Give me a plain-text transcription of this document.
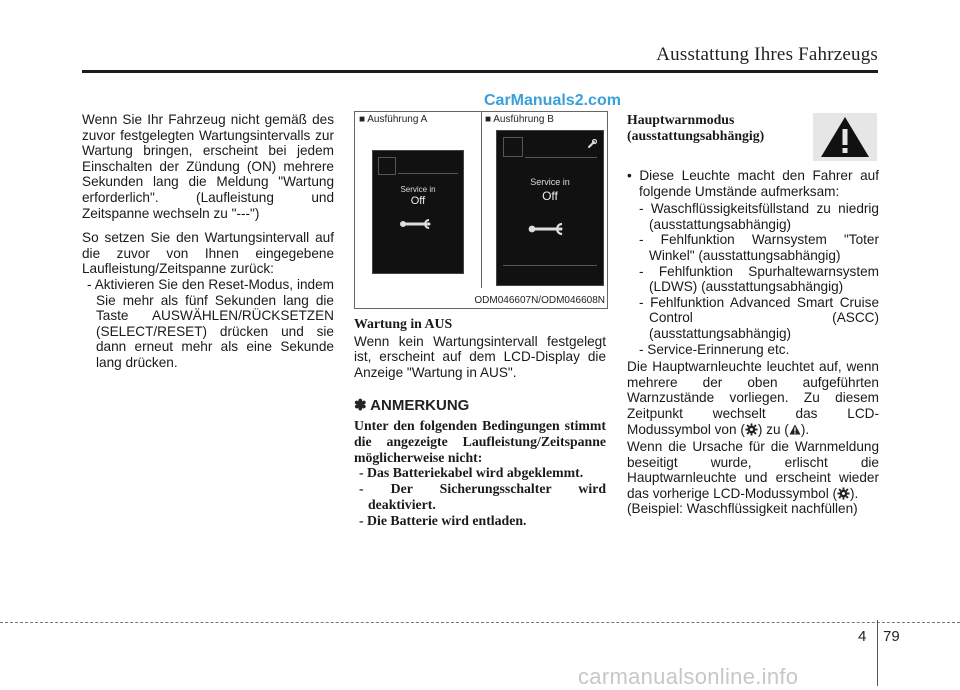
Ausstattung Ihres Fahrzeugs
CarManuals2.com

Wenn Sie Ihr Fahrzeug nicht gemäß des zuvor festgelegten Wartungsintervalls zur Wartung bringen, erscheint bei jedem Einschalten der Zündung (ON) mehrere Sekunden lang die Meldung "Wartung erforderlich". (Laufleistung und Zeitspanne wechseln zu "---")

So setzen Sie den Wartungsintervall auf die zuvor von Ihnen eingegebene Laufleistung/Zeitspanne zurück:

- Aktivieren Sie den Reset-Modus, indem Sie mehr als fünf Sekunden lang die Taste AUSWÄHLEN/RÜCKSETZEN (SELECT/RESET) drücken und sie dann erneut mehr als eine Sekunde lang drücken.

■ Ausführung A	■ Ausführung B
Service in
Off
Service in
Off
ODM046607N/ODM046608N
Wartung in AUS

Wenn kein Wartungsintervall festgelegt ist, erscheint auf dem LCD-Display die Anzeige "Wartung in AUS".

✽ ANMERKUNG
Unter den folgenden Bedingungen stimmt die angezeigte Laufleistung/Zeitspanne möglicherweise nicht:
- Das Batteriekabel wird abgeklemmt.
- Der Sicherungsschalter wird deaktiviert.
- Die Batterie wird entladen.
Hauptwarnmodus (ausstattungsabhängig)

• Diese Leuchte macht den Fahrer auf folgende Umstände aufmerksam:

- Waschflüssigkeitsfüllstand zu niedrig (ausstattungsabhängig)

- Fehlfunktion Warnsystem "Toter Winkel" (ausstattungsabhängig)

- Fehlfunktion Spurhaltewarnsystem (LDWS) (ausstattungsabhängig)

- Fehlfunktion Advanced Smart Cruise Control (ASCC) (ausstattungsabhängig)

- Service-Erinnerung etc.

Die Hauptwarnleuchte leuchtet auf, wenn mehrere der oben aufgeführten Warnzustände vorliegen. Zu diesem Zeitpunkt wechselt das LCD-Modussymbol von ( ) zu ( ).

Wenn die Ursache für die Warnmeldung beseitigt wurde, erlischt die Hauptwarnleuchte und erscheint wieder das vorherige LCD-Modussymbol ( ).

(Beispiel: Waschflüssigkeit nachfüllen)

4 79
carmanualsonline.info
